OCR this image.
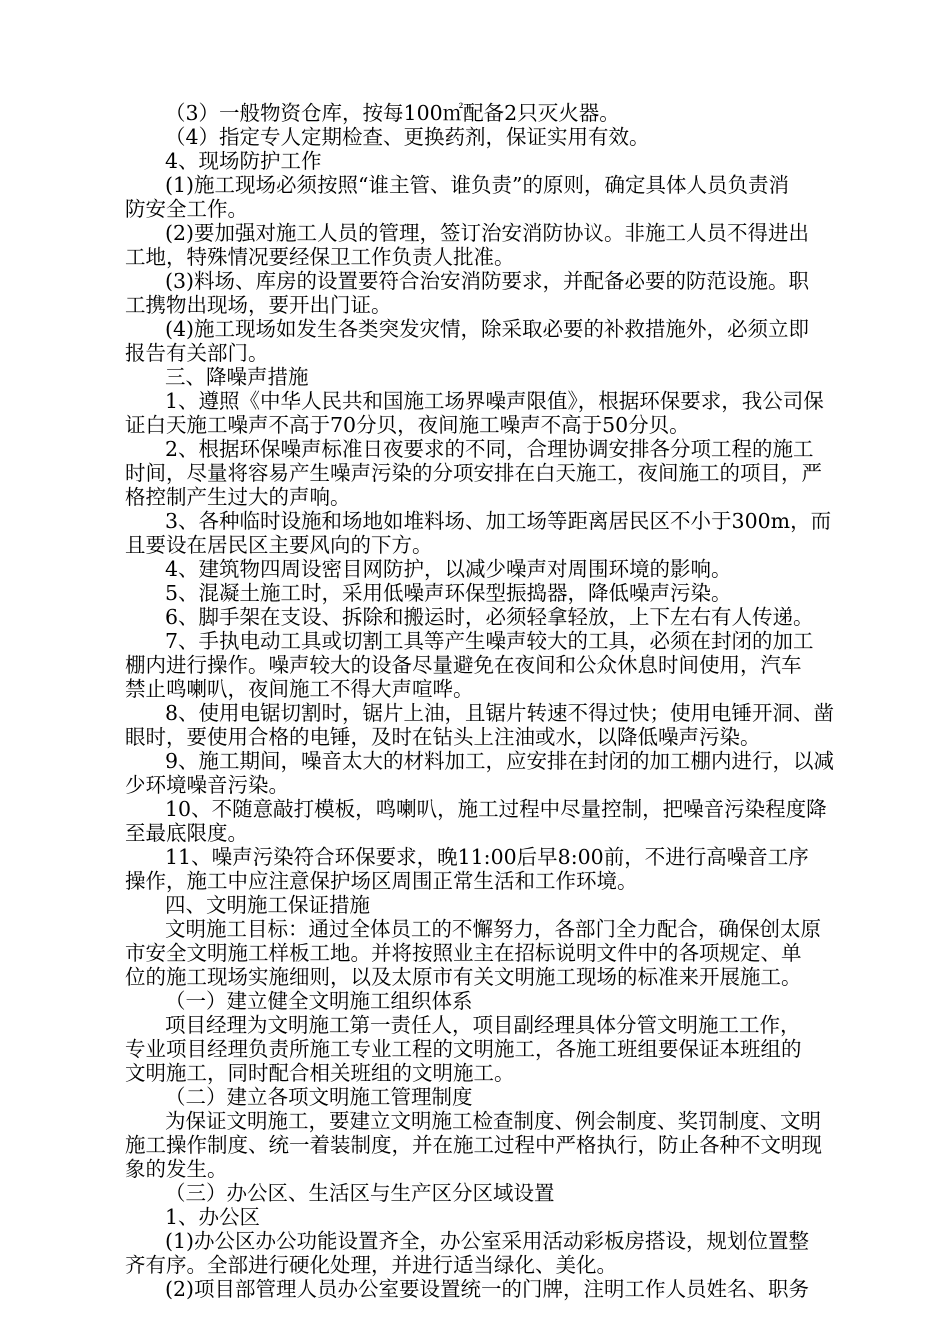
（3）一般物资仓库，按每100㎡配备2只灭火器。
（4）指定专人定期检查、更换药剂，保证实用有效。
4、现场防护工作
(1)施工现场必须按照“谁主管、谁负责”的原则，确定具体人员负责消
防安全工作。
(2)要加强对施工人员的管理，签订治安消防协议。非施工人员不得进出
工地，特殊情况要经保卫工作负责人批准。
(3)料场、库房的设置要符合治安消防要求，并配备必要的防范设施。职
工携物出现场，要开出门证。
(4)施工现场如发生各类突发灾情，除采取必要的补救措施外，必须立即
报告有关部门。
三、降噪声措施
1、遵照《中华人民共和国施工场界噪声限值》，根据环保要求，我公司保
证白天施工噪声不高于70分贝，夜间施工噪声不高于50分贝。
2、根据环保噪声标准日夜要求的不同，合理协调安排各分项工程的施工
时间，尽量将容易产生噪声污染的分项安排在白天施工，夜间施工的项目，严
格控制产生过大的声响。
3、各种临时设施和场地如堆料场、加工场等距离居民区不小于300m，而
且要设在居民区主要风向的下方。
4、建筑物四周设密目网防护，以减少噪声对周围环境的影响。
5、混凝土施工时，采用低噪声环保型振捣器，降低噪声污染。
6、脚手架在支设、拆除和搬运时，必须轻拿轻放，上下左右有人传递。
7、手执电动工具或切割工具等产生噪声较大的工具，必须在封闭的加工
棚内进行操作。噪声较大的设备尽量避免在夜间和公众休息时间使用，汽车
禁止鸣喇叭，夜间施工不得大声喧哗。
8、使用电锯切割时，锯片上油，且锯片转速不得过快；使用电锤开洞、凿
眼时，要使用合格的电锤，及时在钻头上注油或水，以降低噪声污染。
9、施工期间，噪音太大的材料加工，应安排在封闭的加工棚内进行，以减
少环境噪音污染。
10、不随意敲打模板，鸣喇叭，施工过程中尽量控制，把噪音污染程度降
至最底限度。
11、噪声污染符合环保要求，晚11:00后早8:00前，不进行高噪音工序
操作，施工中应注意保护场区周围正常生活和工作环境。
四、文明施工保证措施
文明施工目标：通过全体员工的不懈努力，各部门全力配合，确保创太原
市安全文明施工样板工地。并将按照业主在招标说明文件中的各项规定、单
位的施工现场实施细则，以及太原市有关文明施工现场的标准来开展施工。
（一）建立健全文明施工组织体系
项目经理为文明施工第一责任人，项目副经理具体分管文明施工工作，
专业项目经理负责所施工专业工程的文明施工，各施工班组要保证本班组的
文明施工，同时配合相关班组的文明施工。
（二）建立各项文明施工管理制度
为保证文明施工，要建立文明施工检查制度、例会制度、奖罚制度、文明
施工操作制度、统一着装制度，并在施工过程中严格执行，防止各种不文明现
象的发生。
（三）办公区、生活区与生产区分区域设置
1、办公区
(1)办公区办公功能设置齐全，办公室采用活动彩板房搭设，规划位置整
齐有序。全部进行硬化处理，并进行适当绿化、美化。
(2)项目部管理人员办公室要设置统一的门牌，注明工作人员姓名、职务
